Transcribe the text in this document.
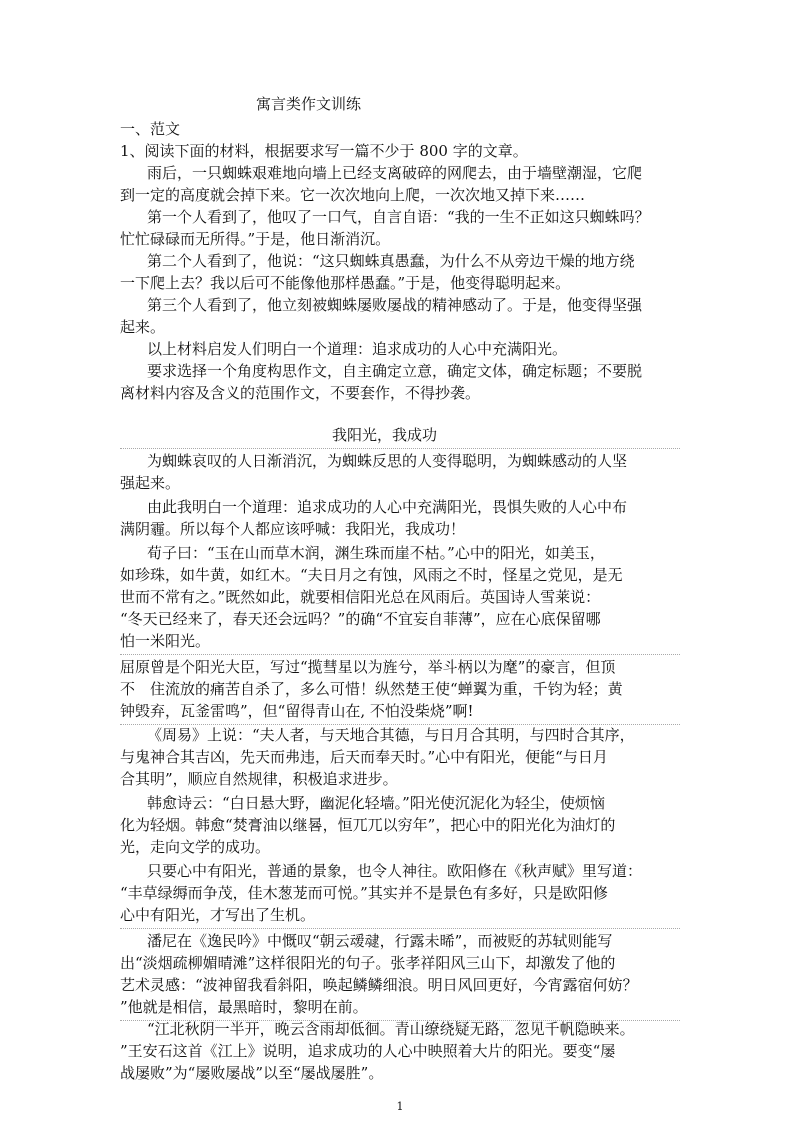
寓言类作文训练
一、范文
1、阅读下面的材料，根据要求写一篇不少于 800 字的文章。
雨后，一只蜘蛛艰难地向墙上已经支离破碎的网爬去，由于墙壁潮湿，它爬
到一定的高度就会掉下来。它一次次地向上爬，一次次地又掉下来……
第一个人看到了，他叹了一口气，自言自语：“我的一生不正如这只蜘蛛吗？
忙忙碌碌而无所得。”于是，他日渐消沉。
第二个人看到了，他说：“这只蜘蛛真愚蠢，为什么不从旁边干燥的地方绕
一下爬上去？我以后可不能像他那样愚蠢。”于是，他变得聪明起来。
第三个人看到了，他立刻被蜘蛛屡败屡战的精神感动了。于是，他变得坚强
起来。
以上材料启发人们明白一个道理：追求成功的人心中充满阳光。
要求选择一个角度构思作文，自主确定立意，确定文体，确定标题；不要脱
离材料内容及含义的范围作文，不要套作，不得抄袭。
我阳光，我成功
为蜘蛛哀叹的人日渐消沉，为蜘蛛反思的人变得聪明，为蜘蛛感动的人坚
强起来。
由此我明白一个道理：追求成功的人心中充满阳光，畏惧失败的人心中布
满阴霾。所以每个人都应该呼喊：我阳光，我成功！
荀子曰：“玉在山而草木润，渊生珠而崖不枯。”心中的阳光，如美玉，
如珍珠，如牛黄，如红木。“夫日月之有蚀，风雨之不时，怪星之党见，是无
世而不常有之。”既然如此，就要相信阳光总在风雨后。英国诗人雪莱说：
“冬天已经来了，春天还会远吗？”的确“不宜妄自菲薄”，应在心底保留哪
怕一米阳光。
屈原曾是个阳光大臣，写过“揽彗星以为旌兮，举斗柄以为麾”的豪言，但顶
不　住流放的痛苦自杀了，多么可惜！纵然楚王使“蝉翼为重，千钧为轻；黄
钟毁弃，瓦釜雷鸣”，但“留得青山在, 不怕没柴烧”啊!
《周易》上说：“夫人者，与天地合其德，与日月合其明，与四时合其序，
与鬼神合其吉凶，先天而弗违，后天而奉天时。”心中有阳光，便能“与日月
合其明”，顺应自然规律，积极追求进步。
韩愈诗云：“白日悬大野，幽泥化轻墙。”阳光使沉泥化为轻尘，使烦恼
化为轻烟。韩愈“焚膏油以继晷，恒兀兀以穷年”，把心中的阳光化为油灯的
光，走向文学的成功。
只要心中有阳光，普通的景象，也令人神往。欧阳修在《秋声赋》里写道：
“丰草绿缛而争茂，佳木葱茏而可悦。”其实并不是景色有多好，只是欧阳修
心中有阳光，才写出了生机。
潘尼在《逸民吟》中慨叹“朝云叆叇，行露未晞”，而被贬的苏轼则能写
出“淡烟疏柳媚晴滩”这样很阳光的句子。张孝祥阳风三山下，却激发了他的
艺术灵感：“波神留我看斜阳，唤起鳞鳞细浪。明日风回更好，今宵露宿何妨？
”他就是相信，最黑暗时，黎明在前。
“江北秋阴一半开，晚云含雨却低徊。青山缭绕疑无路，忽见千帆隐映来。
”王安石这首《江上》说明，追求成功的人心中映照着大片的阳光。要变“屡
战屡败”为“屡败屡战”以至“屡战屡胜”。
1
